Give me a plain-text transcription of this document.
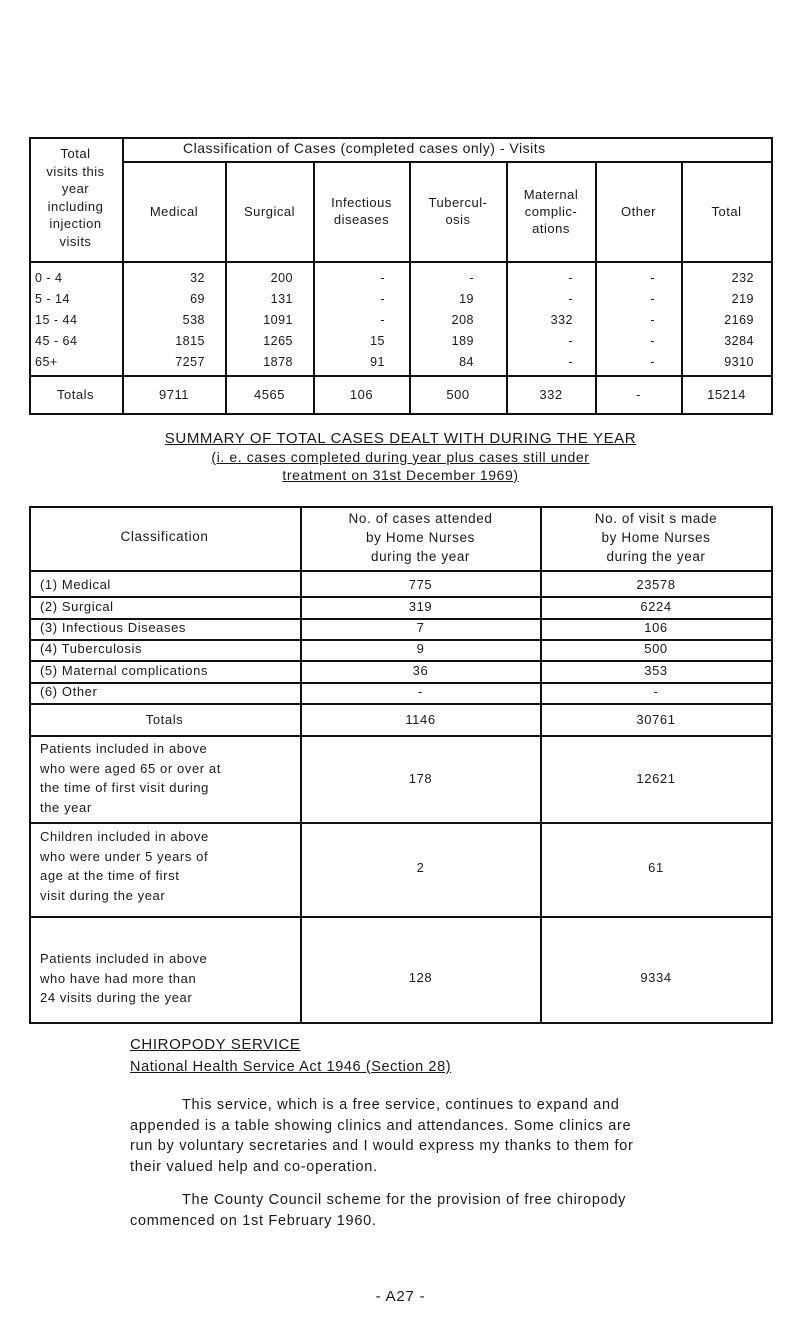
Total
visits this
year
including
injection
visits
Classification of Cases (completed cases only) - Visits
Medical	Surgical
Infectious
diseases
Tubercul-
osis
Maternal
complic-
ations
Other	Total
0 - 4	32	200	-	-	-	-	232
5 - 14	69	131	-	19	-	-	219
15 - 44	538	1091	-	208	332	-	2169
45 - 64	1815	1265	15	189	-	-	3284
65+	7257	1878	91	84	-	-	9310
Totals	9711	4565	106	500	332	-	15214
SUMMARY OF TOTAL CASES DEALT WITH DURING THE YEAR
(i. e. cases completed during year plus cases still under
treatment on 31st December 1969)
Classification
No. of cases attended
by Home Nurses
during the year
No. of visit s made
by Home Nurses
during the year
(1) Medical	775	23578
(2) Surgical	319	6224
(3) Infectious Diseases	7	106
(4) Tuberculosis	9	500
(5) Maternal complications	36	353
(6) Other	-	-
Totals	1146	30761
Patients included in above
who were aged 65 or over at
the time of first visit during
the year
178	12621
Children included in above
who were under 5 years of
age at the time of first
visit during the year
2	61
Patients included in above
who have had more than
24 visits during the year
128	9334
CHIROPODY SERVICE
National Health Service Act 1946 (Section 28)
This service, which is a free service, continues to expand and
appended is a table showing clinics and attendances. Some clinics are
run by voluntary secretaries and I would express my thanks to them for
their valued help and co-operation.
The County Council scheme for the provision of free chiropody
commenced on 1st February 1960.
- A27 -
